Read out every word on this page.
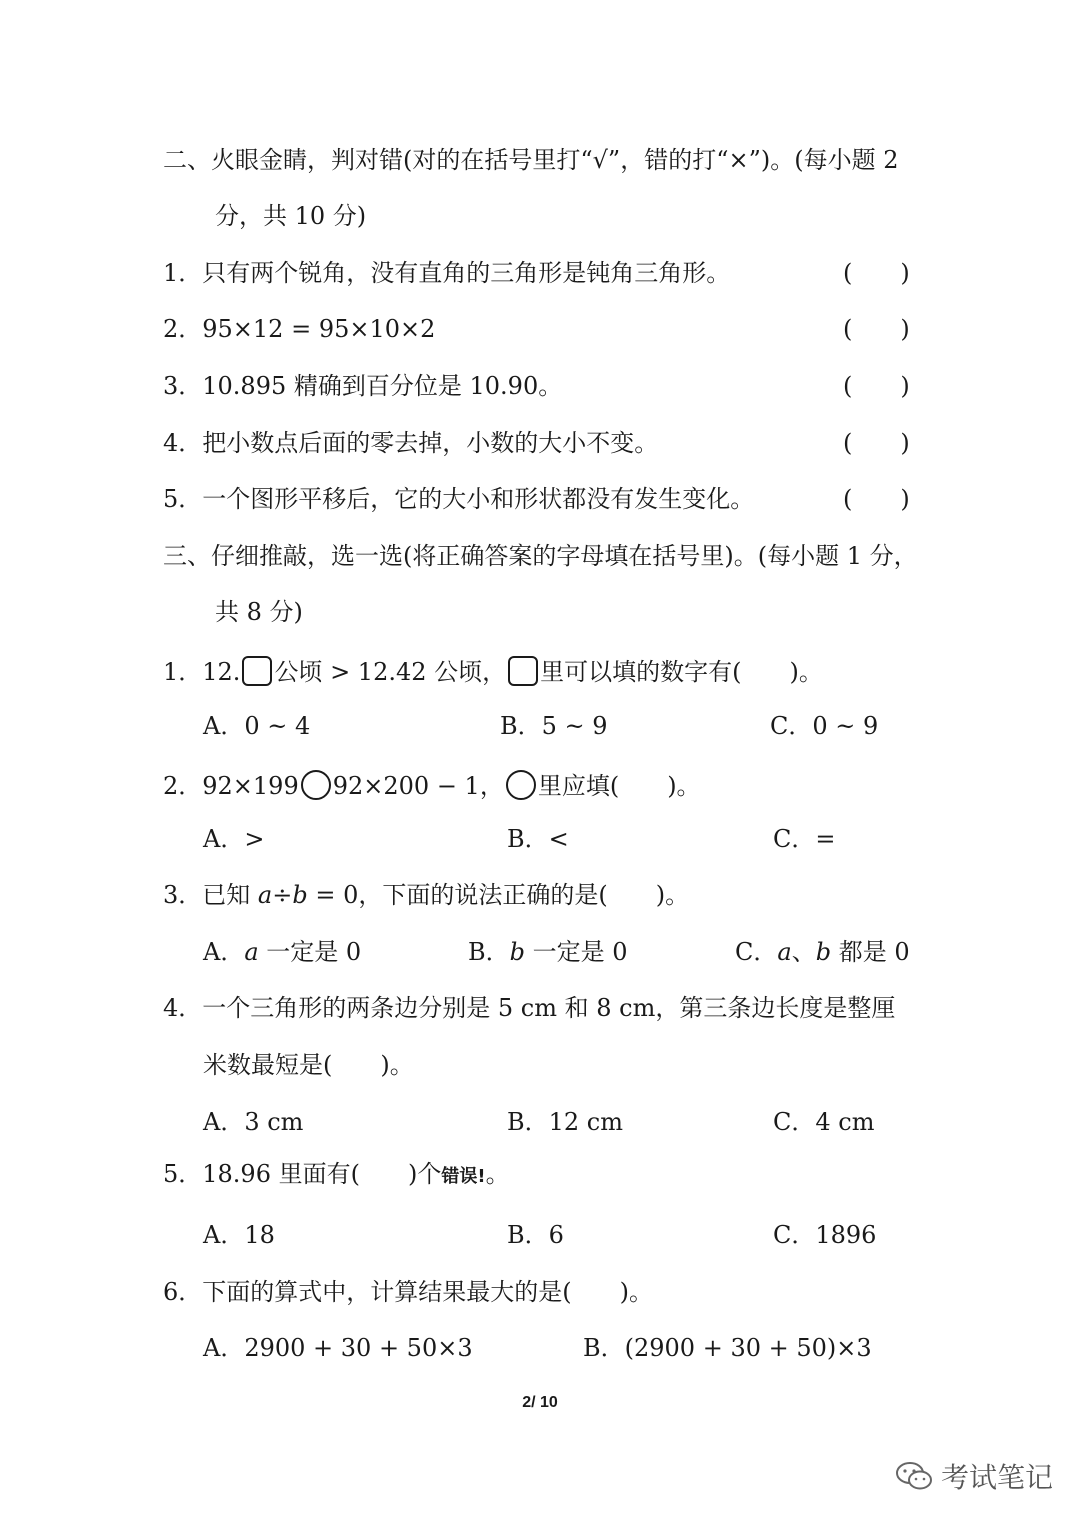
二、火眼金睛，判对错(对的在括号里打“√”，错的打“×”)。(每小题 2
分，共 10 分)
1．只有两个锐角，没有直角的三角形是钝角三角形。	(　　)
2．95×12 = 95×10×2	(　　)
3．10.895 精确到百分位是 10.90。	(　　)
4．把小数点后面的零去掉，小数的大小不变。	(　　)
5．一个图形平移后，它的大小和形状都没有发生变化。	(　　)
三、仔细推敲，选一选(将正确答案的字母填在括号里)。(每小题 1 分，
共 8 分)
1．12. 公顷 > 12.42 公顷， 里可以填的数字有(　　)。
A．0 ~ 4	B．5 ~ 9	C．0 ~ 9
2．92×199 92×200 − 1， 里应填(　　)。
A．>	B．<	C．=
3．已知 a÷b = 0，下面的说法正确的是(　　)。
A．a 一定是 0	B．b 一定是 0	C．a、b 都是 0
4．一个三角形的两条边分别是 5 cm 和 8 cm，第三条边长度是整厘
米数最短是(　　)。
A．3 cm	B．12 cm	C．4 cm
5．18.96 里面有(　　)个错误!。
A．18	B．6	C．1896
6．下面的算式中，计算结果最大的是(　　)。
A．2900 + 30 + 50×3	B．(2900 + 30 + 50)×3
2/ 10
考试笔记
